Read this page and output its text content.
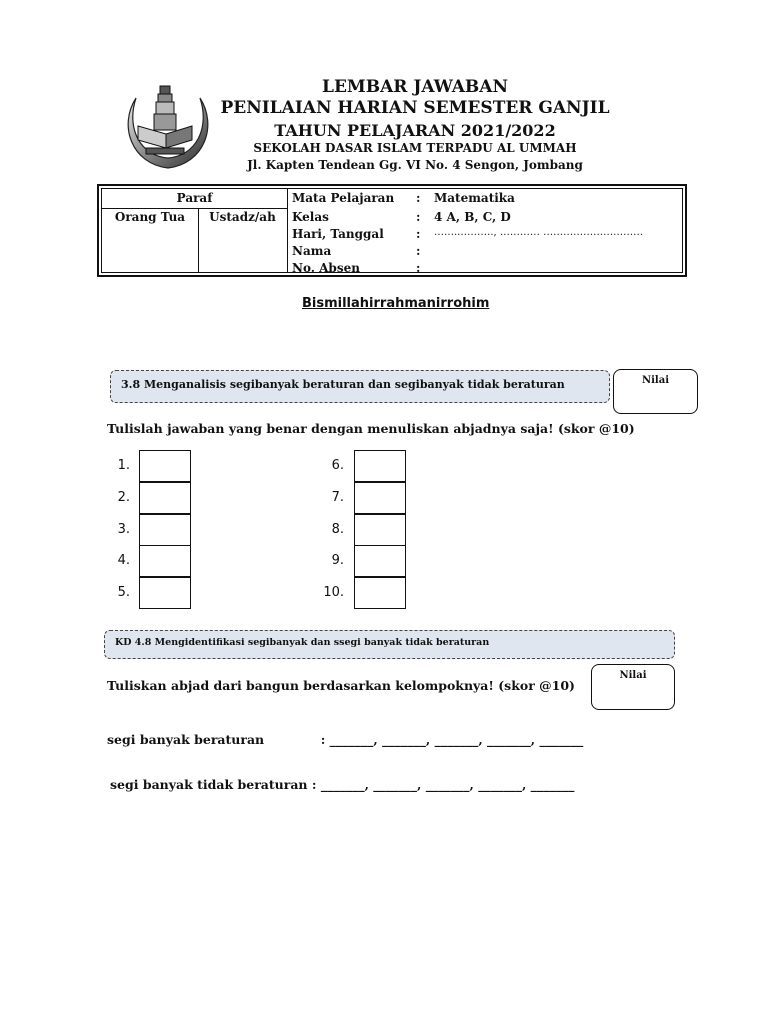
LEMBAR JAWABAN
PENILAIAN HARIAN SEMESTER GANJIL
TAHUN PELAJARAN 2021/2022
SEKOLAH DASAR ISLAM TERPADU AL UMMAH
Jl. Kapten Tendean Gg. VI No. 4 Sengon, Jombang
Paraf
Orang Tua	Ustadz/ah
Mata Pelajaran : Matematika
Kelas	: 4 A, B, C, D
Hari, Tanggal	: ……..………., ………… …………………………
Nama	:
No. Absen	:
Bismillahirrahmanirrohim
3.8 Menganalisis segibanyak beraturan dan segibanyak tidak beraturan	Nilai
Tulislah jawaban yang benar dengan menuliskan abjadnya saja! (skor @10)
1.
2.
3.
4.
5.
6.
7.
8.
9.
10.
KD 4.8 Mengidentifikasi segibanyak dan ssegi banyak tidak beraturan
Nilai
Tuliskan abjad dari bangun berdasarkan kelompoknya! (skor @10)
segi banyak beraturan             : _______, _______, _______, _______, _______
segi banyak tidak beraturan : _______, _______, _______, _______, _______
